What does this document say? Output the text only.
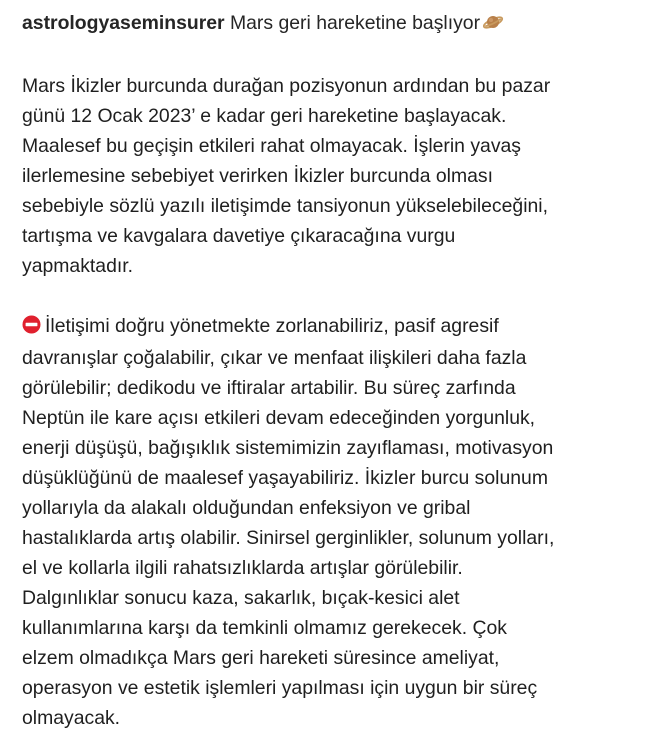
astrologyaseminsurer Mars geri hareketine başlıyor

Mars İkizler burcunda durağan pozisyonun ardından bu pazar
günü 12 Ocak 2023’ e kadar geri hareketine başlayacak.
Maalesef bu geçişin etkileri rahat olmayacak. İşlerin yavaş
ilerlemesine sebebiyet verirken İkizler burcunda olması
sebebiyle sözlü yazılı iletişimde tansiyonun yükselebileceğini,
tartışma ve kavgalara davetiye çıkaracağına vurgu
yapmaktadır.

İletişimi doğru yönetmekte zorlanabiliriz, pasif agresif
davranışlar çoğalabilir, çıkar ve menfaat ilişkileri daha fazla
görülebilir; dedikodu ve iftiralar artabilir. Bu süreç zarfında
Neptün ile kare açısı etkileri devam edeceğinden yorgunluk,
enerji düşüşü, bağışıklık sistemimizin zayıflaması, motivasyon
düşüklüğünü de maalesef yaşayabiliriz. İkizler burcu solunum
yollarıyla da alakalı olduğundan enfeksiyon ve gribal
hastalıklarda artış olabilir. Sinirsel gerginlikler, solunum yolları,
el ve kollarla ilgili rahatsızlıklarda artışlar görülebilir.
Dalgınlıklar sonucu kaza, sakarlık, bıçak-kesici alet
kullanımlarına karşı da temkinli olmamız gerekecek. Çok
elzem olmadıkça Mars geri hareketi süresince ameliyat,
operasyon ve estetik işlemleri yapılması için uygun bir süreç
olmayacak.
